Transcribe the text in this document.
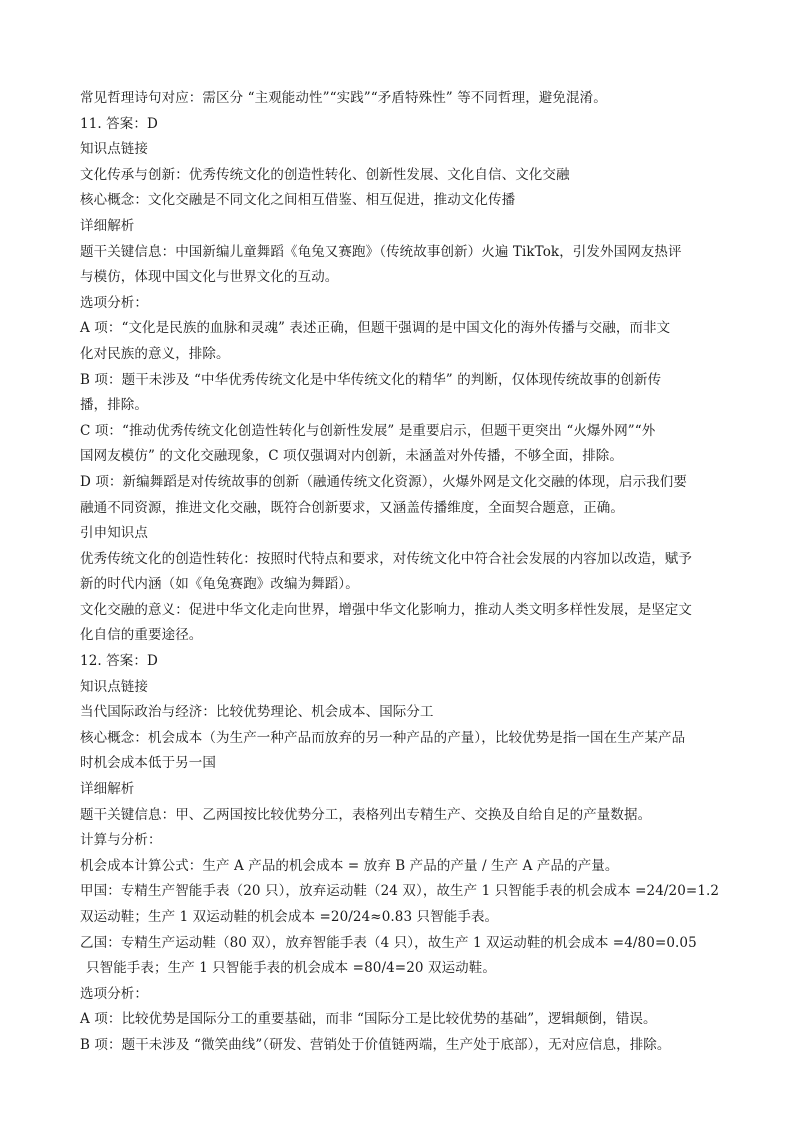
常见哲理诗句对应：需区分 “主观能动性”“实践”“矛盾特殊性” 等不同哲理，避免混淆。
11. 答案：D
知识点链接
文化传承与创新：优秀传统文化的创造性转化、创新性发展、文化自信、文化交融
核心概念：文化交融是不同文化之间相互借鉴、相互促进，推动文化传播
详细解析
题干关键信息：中国新编儿童舞蹈《龟兔又赛跑》（传统故事创新）火遍 TikTok，引发外国网友热评
与模仿，体现中国文化与世界文化的互动。
选项分析：
A 项：“文化是民族的血脉和灵魂” 表述正确，但题干强调的是中国文化的海外传播与交融，而非文
化对民族的意义，排除。
B 项：题干未涉及 “中华优秀传统文化是中华传统文化的精华” 的判断，仅体现传统故事的创新传
播，排除。
C 项：“推动优秀传统文化创造性转化与创新性发展” 是重要启示，但题干更突出 “火爆外网”“外
国网友模仿” 的文化交融现象，C 项仅强调对内创新，未涵盖对外传播，不够全面，排除。
D 项：新编舞蹈是对传统故事的创新（融通传统文化资源），火爆外网是文化交融的体现，启示我们要
融通不同资源，推进文化交融，既符合创新要求，又涵盖传播维度，全面契合题意，正确。
引申知识点
优秀传统文化的创造性转化：按照时代特点和要求，对传统文化中符合社会发展的内容加以改造，赋予
新的时代内涵（如《龟兔赛跑》改编为舞蹈）。
文化交融的意义：促进中华文化走向世界，增强中华文化影响力，推动人类文明多样性发展，是坚定文
化自信的重要途径。
12. 答案：D
知识点链接
当代国际政治与经济：比较优势理论、机会成本、国际分工
核心概念：机会成本（为生产一种产品而放弃的另一种产品的产量），比较优势是指一国在生产某产品
时机会成本低于另一国
详细解析
题干关键信息：甲、乙两国按比较优势分工，表格列出专精生产、交换及自给自足的产量数据。
计算与分析：
机会成本计算公式：生产 A 产品的机会成本 = 放弃 B 产品的产量 / 生产 A 产品的产量。
甲国：专精生产智能手表（20 只），放弃运动鞋（24 双），故生产 1 只智能手表的机会成本 =24/20=1.2
双运动鞋；生产 1 双运动鞋的机会成本 =20/24≈0.83 只智能手表。
乙国：专精生产运动鞋（80 双），放弃智能手表（4 只），故生产 1 双运动鞋的机会成本 =4/80=0.05
只智能手表；生产 1 只智能手表的机会成本 =80/4=20 双运动鞋。
选项分析：
A 项：比较优势是国际分工的重要基础，而非 “国际分工是比较优势的基础”，逻辑颠倒，错误。
B 项：题干未涉及 “微笑曲线”（研发、营销处于价值链两端，生产处于底部），无对应信息，排除。
